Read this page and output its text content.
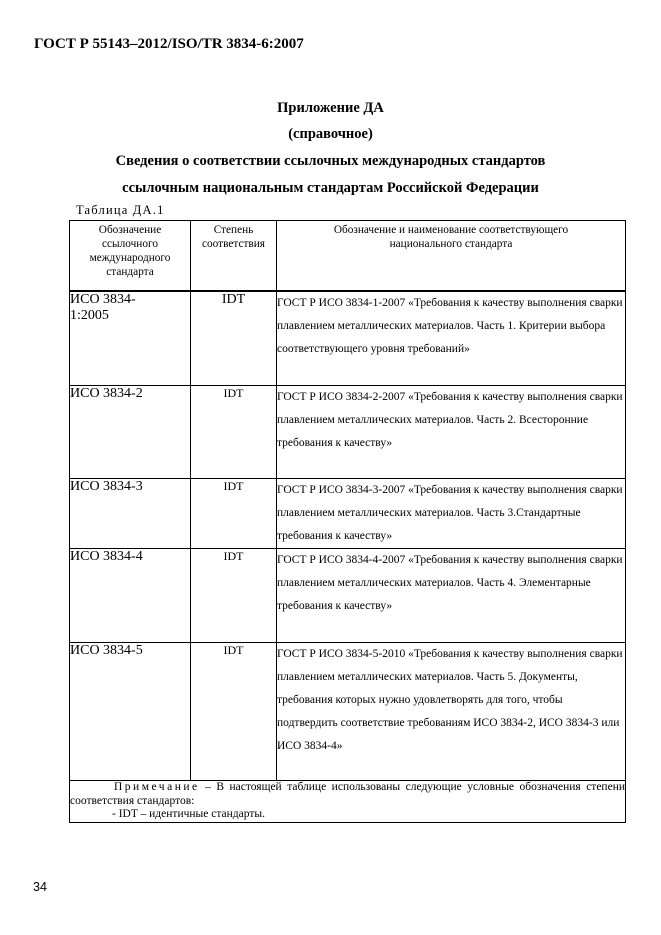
ГОСТ Р 55143–2012/ISO/TR 3834-6:2007
Приложение ДА
(справочное)
Сведения о соответствии ссылочных международных стандартов
ссылочным национальным стандартам Российской Федерации
Таблица ДА.1
Обозначение ссылочного международного стандарта	Степень соответствия	Обозначение и наименование соответствующего национального стандарта
ИСО 3834-1:2005	IDT	ГОСТ Р ИСО 3834-1-2007 «Требования к качеству выполнения сварки плавлением металлических материалов. Часть 1. Критерии выбора соответствующего уровня требований»
ИСО 3834-2	IDT	ГОСТ Р ИСО 3834-2-2007 «Требования к качеству выполнения сварки плавлением металлических материалов. Часть 2. Всесторонние требования к качеству»
ИСО 3834-3	IDT	ГОСТ Р ИСО 3834-3-2007 «Требования к качеству выполнения сварки плавлением металлических материалов. Часть 3.Стандартные требования к качеству»
ИСО 3834-4	IDT	ГОСТ Р ИСО 3834-4-2007 «Требования к качеству выполнения сварки плавлением металлических материалов. Часть 4. Элементарные требования к качеству»
ИСО 3834-5	IDT	ГОСТ Р ИСО 3834-5-2010 «Требования к качеству выполнения сварки плавлением металлических материалов. Часть 5. Документы, требования которых нужно удовлетворять для того, чтобы подтвердить соответствие требованиям ИСО 3834-2, ИСО 3834-3 или ИСО 3834-4»

Примечание – В настоящей таблице использованы следующие условные обозначения степени соответствия стандартов:
- IDT – идентичные стандарты.		
34
